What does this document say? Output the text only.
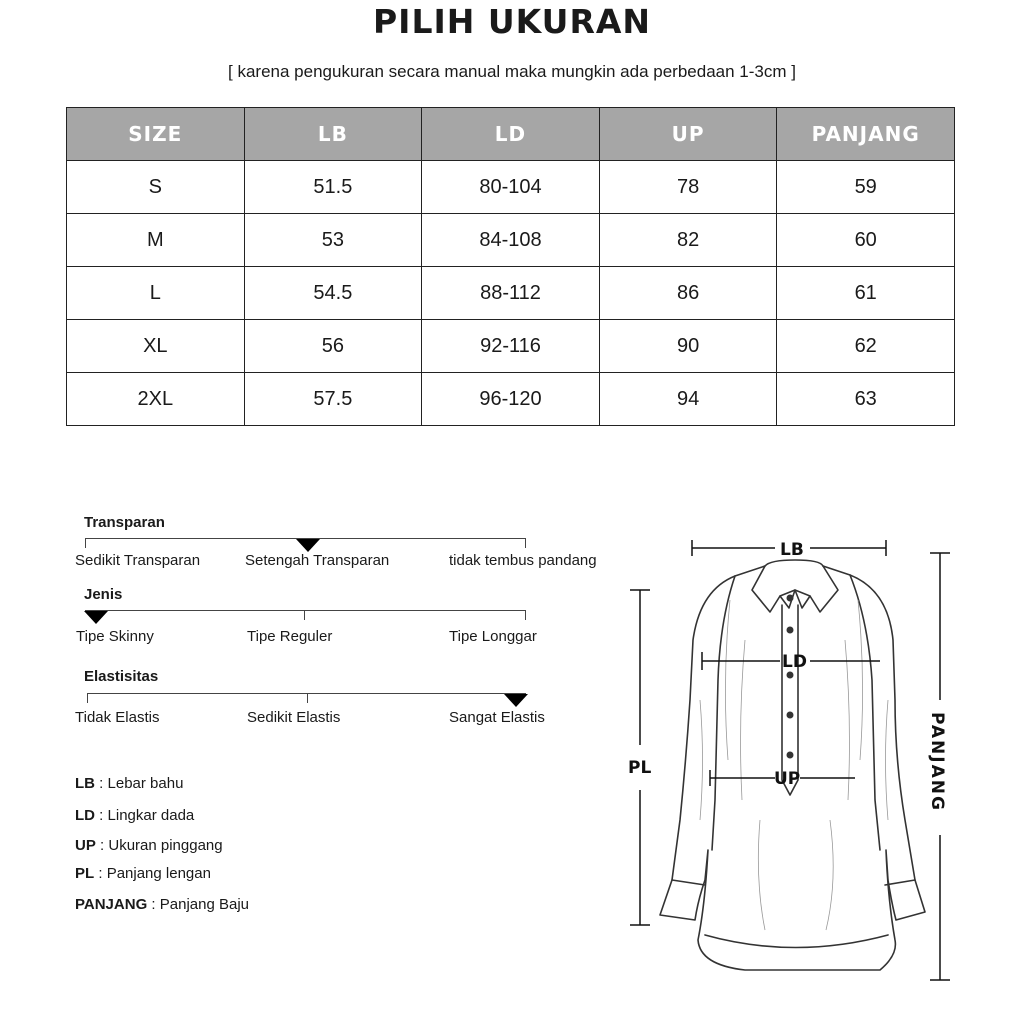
PILIH UKURAN
[ karena pengukuran secara manual maka mungkin ada perbedaan 1-3cm ]
SIZE	LB	LD	UP	PANJANG
S	51.5	80-104	78	59
M	53	84-108	82	60
L	54.5	88-112	86	61
XL	56	92-116	90	62
2XL	57.5	96-120	94	63
Transparan
Sedikit Transparan	Setengah Transparan	tidak tembus pandang
Jenis
Tipe Skinny	Tipe Reguler	Tipe Longgar
Elastisitas
Tidak Elastis	Sedikit Elastis	Sangat Elastis
LB : Lebar bahu
LD : Lingkar dada
UP : Ukuran pinggang
PL : Panjang lengan
PANJANG : Panjang Baju
LB
LD
UP
PL	PANJANG
